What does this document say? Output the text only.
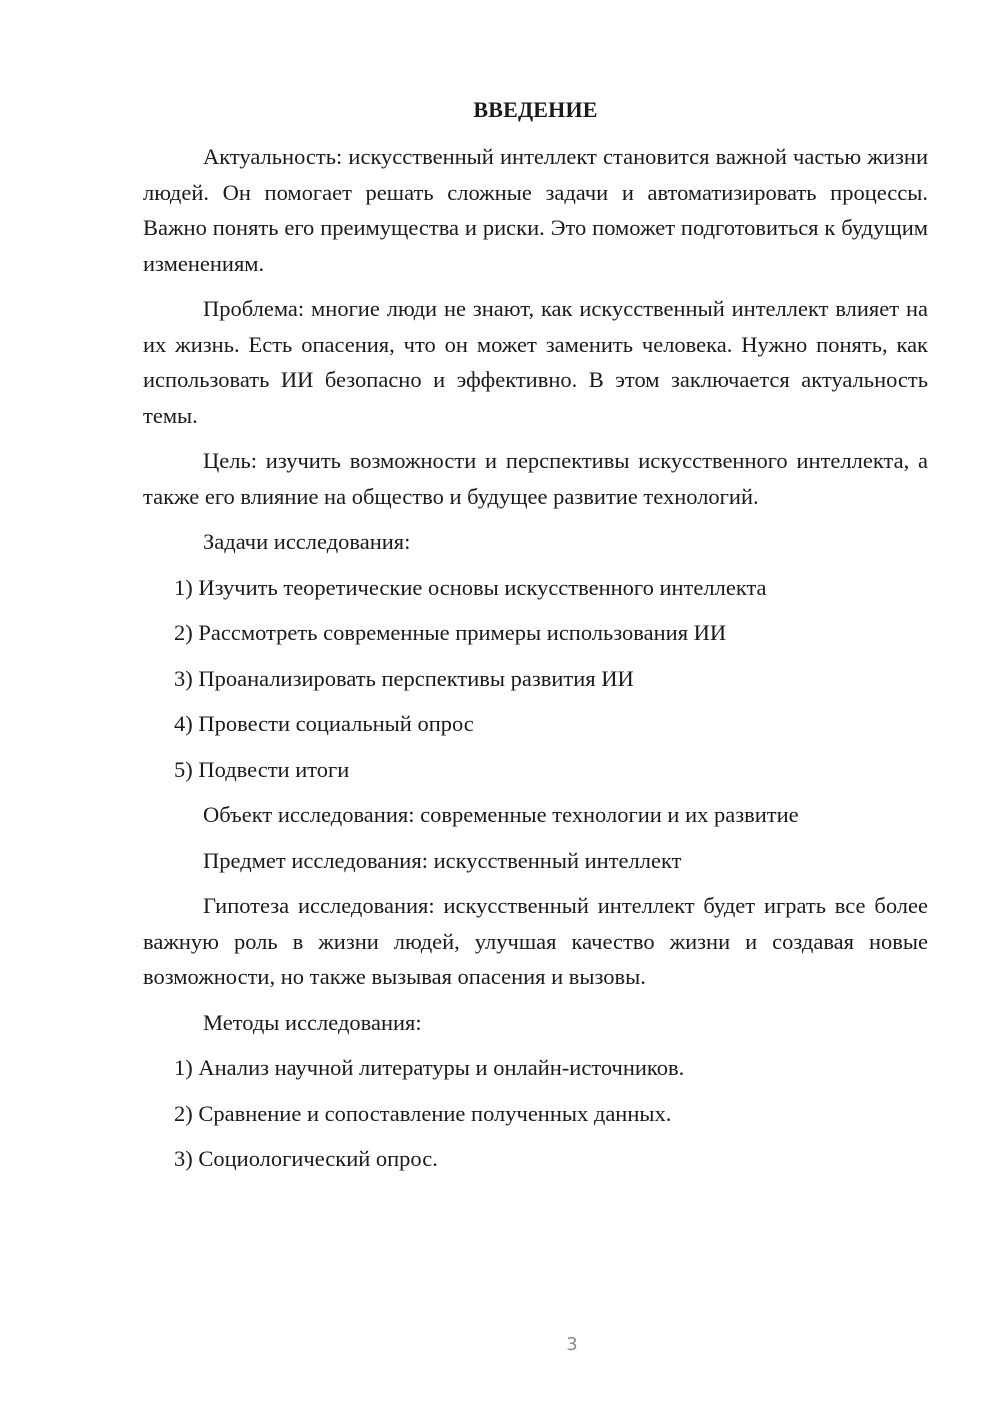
ВВЕДЕНИЕ

Актуальность: искусственный интеллект становится важной частью жизни людей. Он помогает решать сложные задачи и автоматизировать процессы. Важно понять его преимущества и риски. Это поможет подготовиться к будущим изменениям.

Проблема: многие люди не знают, как искусственный интеллект влияет на их жизнь. Есть опасения, что он может заменить человека. Нужно понять, как использовать ИИ безопасно и эффективно. В этом заключается актуальность темы.

Цель: изучить возможности и перспективы искусственного интеллекта, а также его влияние на общество и будущее развитие технологий.

Задачи исследования:

1) Изучить теоретические основы искусственного интеллекта

2) Рассмотреть современные примеры использования ИИ

3) Проанализировать перспективы развития ИИ

4) Провести социальный опрос

5) Подвести итоги

Объект исследования: современные технологии и их развитие

Предмет исследования: искусственный интеллект

Гипотеза исследования: искусственный интеллект будет играть все более важную роль в жизни людей, улучшая качество жизни и создавая новые возможности, но также вызывая опасения и вызовы.

Методы исследования:

1) Анализ научной литературы и онлайн-источников.

2) Сравнение и сопоставление полученных данных.

3) Социологический опрос.

3
